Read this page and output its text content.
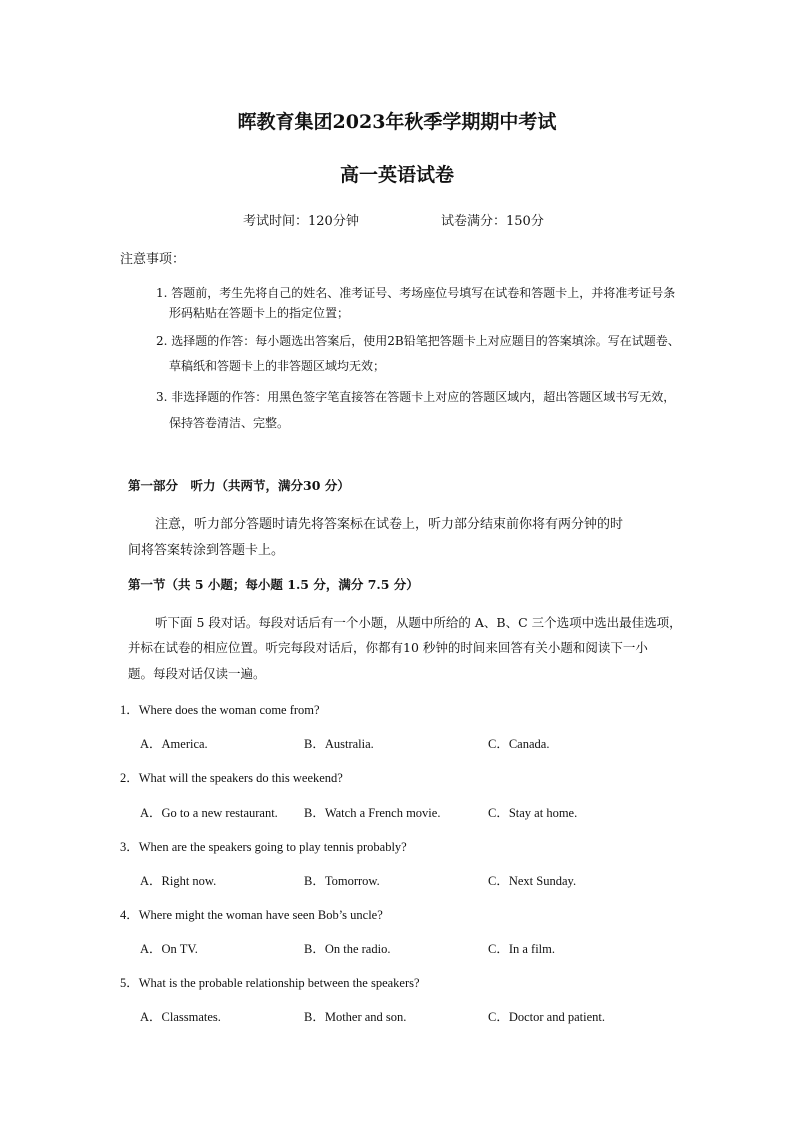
晖教育集团2023年秋季学期期中考试
高一英语试卷
考试时间：120分钟	试卷满分：150分
注意事项：
1. 答题前，考生先将自己的姓名、准考证号、考场座位号填写在试卷和答题卡上，并将准考证号条
形码粘贴在答题卡上的指定位置；
2. 选择题的作答：每小题选出答案后，使用2B铅笔把答题卡上对应题目的答案填涂。写在试题卷、
草稿纸和答题卡上的非答题区域均无效；
3. 非选择题的作答：用黑色签字笔直接答在答题卡上对应的答题区域内，超出答题区域书写无效，
保持答卷清洁、完整。
第一部分　听力（共两节，满分30 分）
注意，听力部分答题时请先将答案标在试卷上，听力部分结束前你将有两分钟的时
间将答案转涂到答题卡上。
第一节（共 5 小题；每小题 1.5 分，满分 7.5 分）
听下面 5 段对话。每段对话后有一个小题，从题中所给的 A、B、C 三个选项中选出最佳选项，
并标在试卷的相应位置。听完每段对话后，你都有10 秒钟的时间来回答有关小题和阅读下一小
题。每段对话仅读一遍。
1．Where does the woman come from?
A．America.	B．Australia.	C．Canada.
2．What will the speakers do this weekend?
A．Go to a new restaurant. B．Watch a French movie.	C．Stay at home.
3．When are the speakers going to play tennis probably?
A．Right now.	B．Tomorrow.	C．Next Sunday.
4．Where might the woman have seen Bob’s uncle?
A．On TV.	B．On the radio.	C．In a film.
5．What is the probable relationship between the speakers?
A．Classmates.	B．Mother and son.	C．Doctor and patient.
